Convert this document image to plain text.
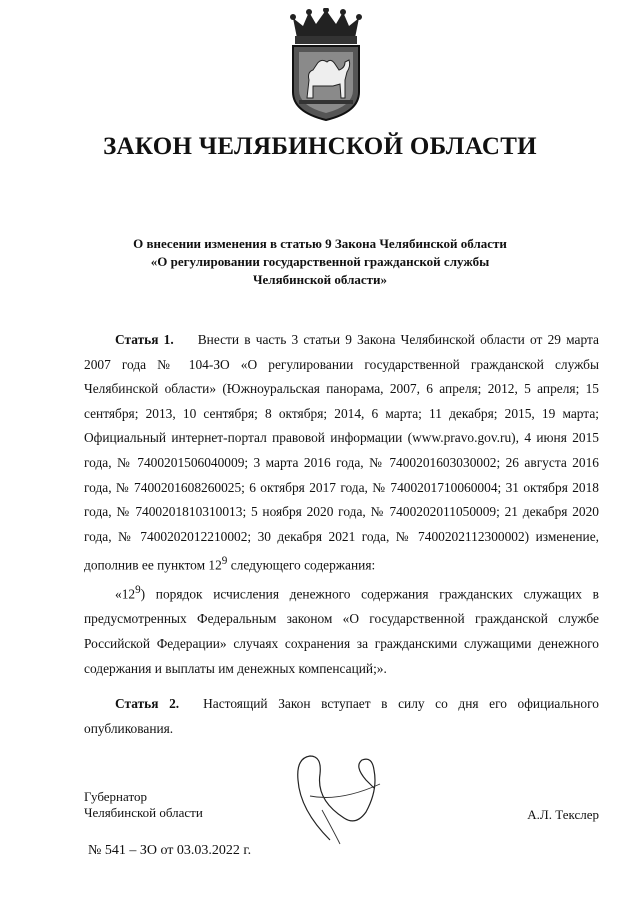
ЗАКОН ЧЕЛЯБИНСКОЙ ОБЛАСТИ
О внесении изменения в статью 9 Закона Челябинской области
«О регулировании государственной гражданской службы
Челябинской области»

Статья 1. Внести в часть 3 статьи 9 Закона Челябинской области от 29 марта 2007 года № 104-ЗО «О регулировании государственной гражданской службы Челябинской области» (Южноуральская панорама, 2007, 6 апреля; 2012, 5 апреля; 15 сентября; 2013, 10 сентября; 8 октября; 2014, 6 марта; 11 декабря; 2015, 19 марта; Официальный интернет-портал правовой информации (www.pravo.gov.ru), 4 июня 2015 года, № 7400201506040009; 3 марта 2016 года, № 7400201603030002; 26 августа 2016 года, № 7400201608260025; 6 октября 2017 года, № 7400201710060004; 31 октября 2018 года, № 7400201810310013; 5 ноября 2020 года, № 7400202011050009; 21 декабря 2020 года, № 7400202012210002; 30 декабря 2021 года, № 7400202112300002) изменение, дополнив ее пунктом $12^9$ следующего содержания:

«$12^9$) порядок исчисления денежного содержания гражданских служащих в предусмотренных Федеральным законом «О государственной гражданской службе Российской Федерации» случаях сохранения за гражданскими служащими денежного содержания и выплаты им денежных компенсаций;».

Статья 2. Настоящий Закон вступает в силу со дня его официального опубликования.

Губернатор
Челябинской области	А.Л. Текслер
№ 541 – ЗО от 03.03.2022 г.
